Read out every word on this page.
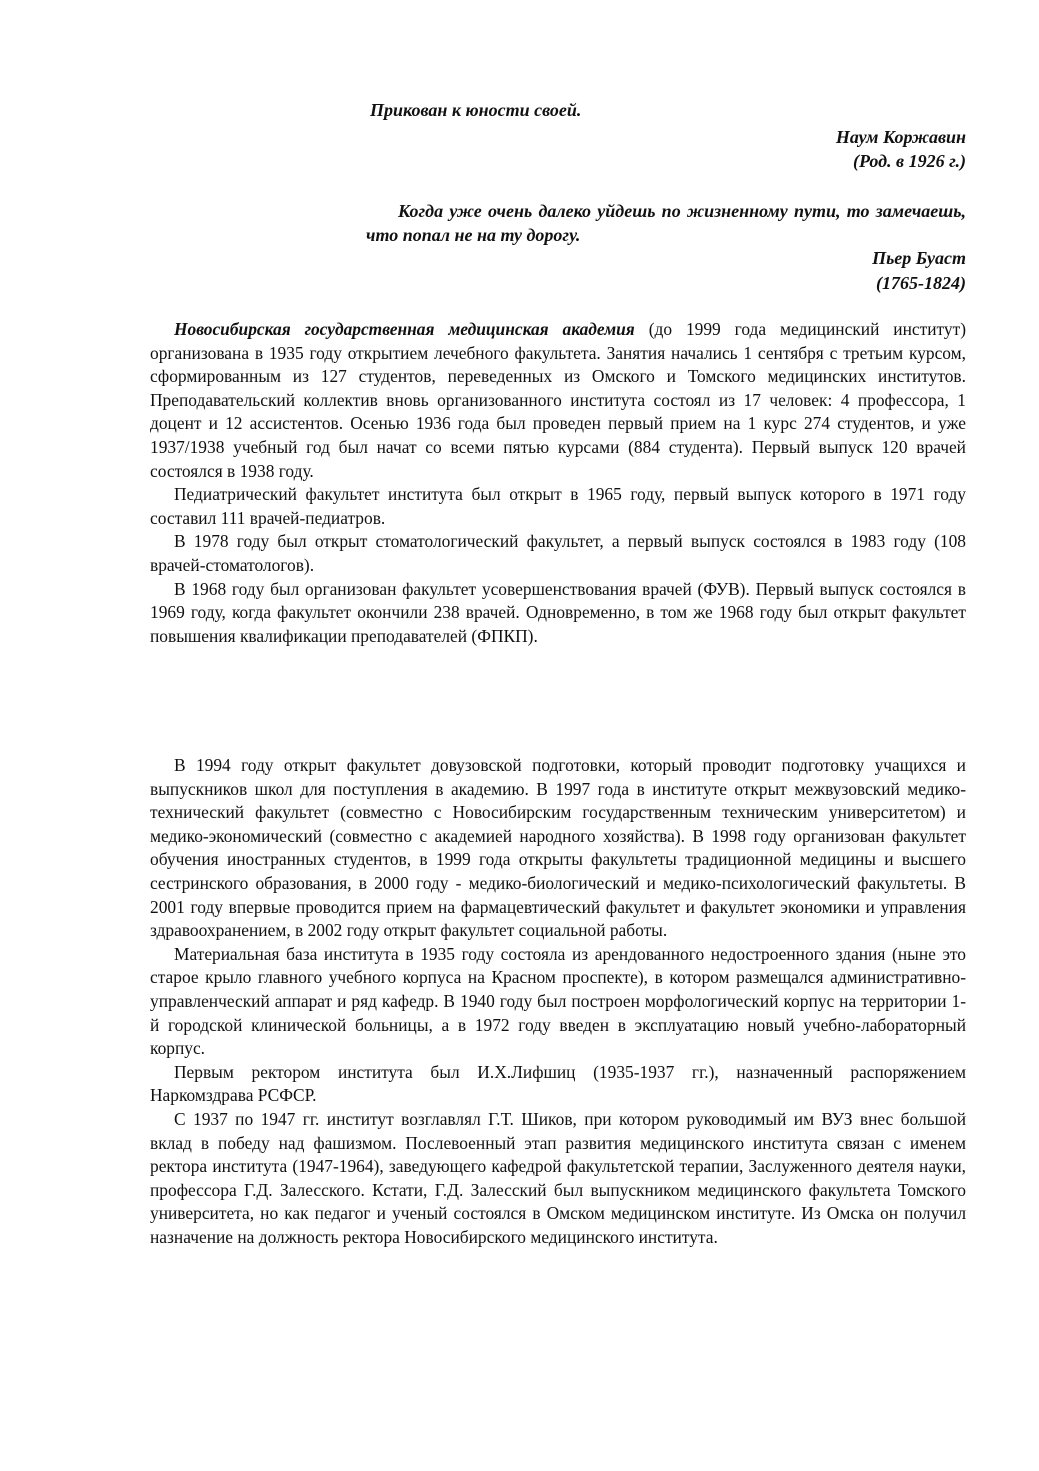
Прикован к юности своей.
Наум Коржавин
(Род. в 1926 г.)
Когда уже очень далеко уйдешь по жизненному пути, то замечаешь, что попал не на ту дорогу.
Пьер Буаст
(1765-1824)

Новосибирская государственная медицинская академия (до 1999 года медицинский институт) организована в 1935 году открытием лечебного факультета. Занятия начались 1 сентября с третьим курсом, сформированным из 127 студентов, переведенных из Омского и Томского медицинских институтов. Преподавательский коллектив вновь организованного института состоял из 17 человек: 4 профессора, 1 доцент и 12 ассистентов. Осенью 1936 года был проведен первый прием на 1 курс 274 студентов, и уже 1937/1938 учебный год был начат со всеми пятью курсами (884 студента). Первый выпуск 120 врачей состоялся в 1938 году.

Педиатрический факультет института был открыт в 1965 году, первый выпуск которого в 1971 году составил 111 врачей-педиатров.

В 1978 году был открыт стоматологический факультет, а первый выпуск состоялся в 1983 году (108 врачей-стоматологов).

В 1968 году был организован факультет усовершенствования врачей (ФУВ). Первый выпуск состоялся в 1969 году, когда факультет окончили 238 врачей. Одновременно, в том же 1968 году был открыт факультет повышения квалификации преподавателей (ФПКП).

В 1994 году открыт факультет довузовской подготовки, который проводит подготовку учащихся и выпускников школ для поступления в академию. В 1997 года в институте открыт межвузовский медико-технический факультет (совместно с Новосибирским государственным техническим университетом) и медико-экономический (совместно с академией народного хозяйства). В 1998 году организован факультет обучения иностранных студентов, в 1999 года открыты факультеты традиционной медицины и высшего сестринского образования, в 2000 году - медико-биологический и медико-психологический факультеты. В 2001 году впервые проводится прием на фармацевтический факультет и факультет экономики и управления здравоохранением, в 2002 году открыт факультет социальной работы.

Материальная база института в 1935 году состояла из арендованного недостроенного здания (ныне это старое крыло главного учебного корпуса на Красном проспекте), в котором размещался административно-управленческий аппарат и ряд кафедр. В 1940 году был построен морфологический корпус на территории 1-й городской клинической больницы, а в 1972 году введен в эксплуатацию новый учебно-лабораторный корпус.

Первым ректором института был И.Х.Лифшиц (1935-1937 гг.), назначенный распоряжением Наркомздрава РСФСР.

С 1937 по 1947 гг. институт возглавлял Г.Т. Шиков, при котором руководимый им ВУЗ внес большой вклад в победу над фашизмом. Послевоенный этап развития медицинского института связан с именем ректора института (1947-1964), заведующего кафедрой факультетской терапии, Заслуженного деятеля науки, профессора Г.Д. Залесского. Кстати, Г.Д. Залесский был выпускником медицинского факультета Томского университета, но как педагог и ученый состоялся в Омском медицинском институте. Из Омска он получил назначение на должность ректора Новосибирского медицинского института.
